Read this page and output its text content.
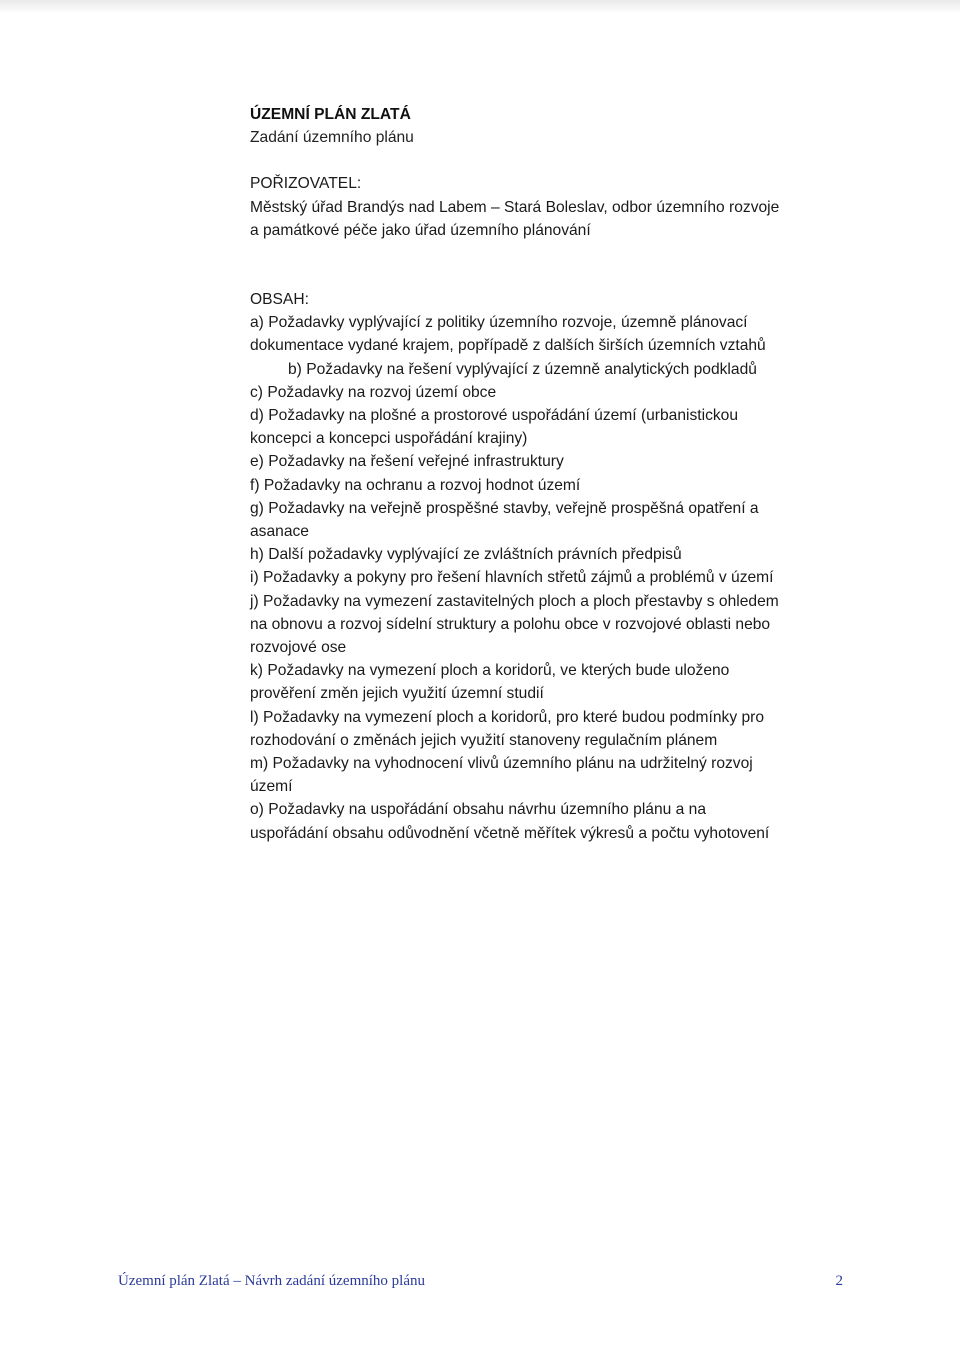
ÚZEMNÍ PLÁN ZLATÁ
Zadání územního plánu
POŘIZOVATEL:
Městský úřad Brandýs nad Labem – Stará Boleslav, odbor územního rozvoje
a památkové péče jako úřad územního plánování
OBSAH:
a) Požadavky vyplývající z politiky územního rozvoje, územně plánovací
dokumentace vydané krajem, popřípadě z dalších širších územních vztahů
b) Požadavky na řešení vyplývající z územně analytických podkladů
c) Požadavky na rozvoj území obce
d) Požadavky na plošné a prostorové uspořádání území (urbanistickou
koncepci a koncepci uspořádání krajiny)
e) Požadavky na řešení veřejné infrastruktury
f) Požadavky na ochranu a rozvoj hodnot území
g) Požadavky na veřejně prospěšné stavby, veřejně prospěšná opatření a
asanace
h) Další požadavky vyplývající ze zvláštních právních předpisů
i) Požadavky a pokyny pro řešení hlavních střetů zájmů a problémů v území
j) Požadavky na vymezení zastavitelných ploch a ploch přestavby s ohledem
na obnovu a rozvoj sídelní struktury a polohu obce v rozvojové oblasti nebo
rozvojové ose
k) Požadavky na vymezení ploch a koridorů, ve kterých bude uloženo
prověření změn jejich využití územní studií
l) Požadavky na vymezení ploch a koridorů, pro které budou podmínky pro
rozhodování o změnách jejich využití stanoveny regulačním plánem
m) Požadavky na vyhodnocení vlivů územního plánu na udržitelný rozvoj
území
o) Požadavky na uspořádání obsahu návrhu územního plánu a na
uspořádání obsahu odůvodnění včetně měřítek výkresů a počtu vyhotovení
Územní plán Zlatá – Návrh zadání územního plánu	2
